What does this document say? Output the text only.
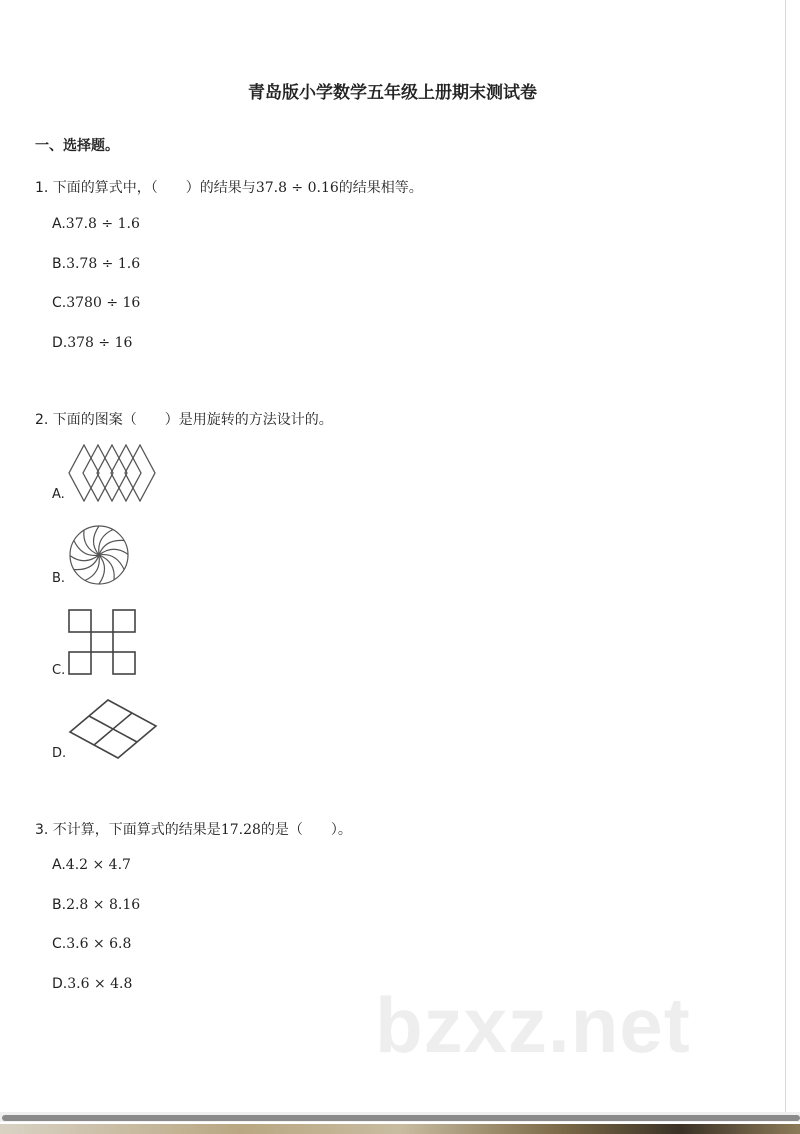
青岛版小学数学五年级上册期末测试卷
一、选择题。
1. 下面的算式中，（　　）的结果与37.8 ÷ 0.16的结果相等。
A.37.8 ÷ 1.6
B.3.78 ÷ 1.6
C.3780 ÷ 16
D.378 ÷ 16
2. 下面的图案（　　）是用旋转的方法设计的。
A.
B.
C.
D.
3. 不计算，下面算式的结果是17.28的是（　　）。
A.4.2 × 4.7
B.2.8 × 8.16
C.3.6 × 6.8
D.3.6 × 4.8	bzxz.net
